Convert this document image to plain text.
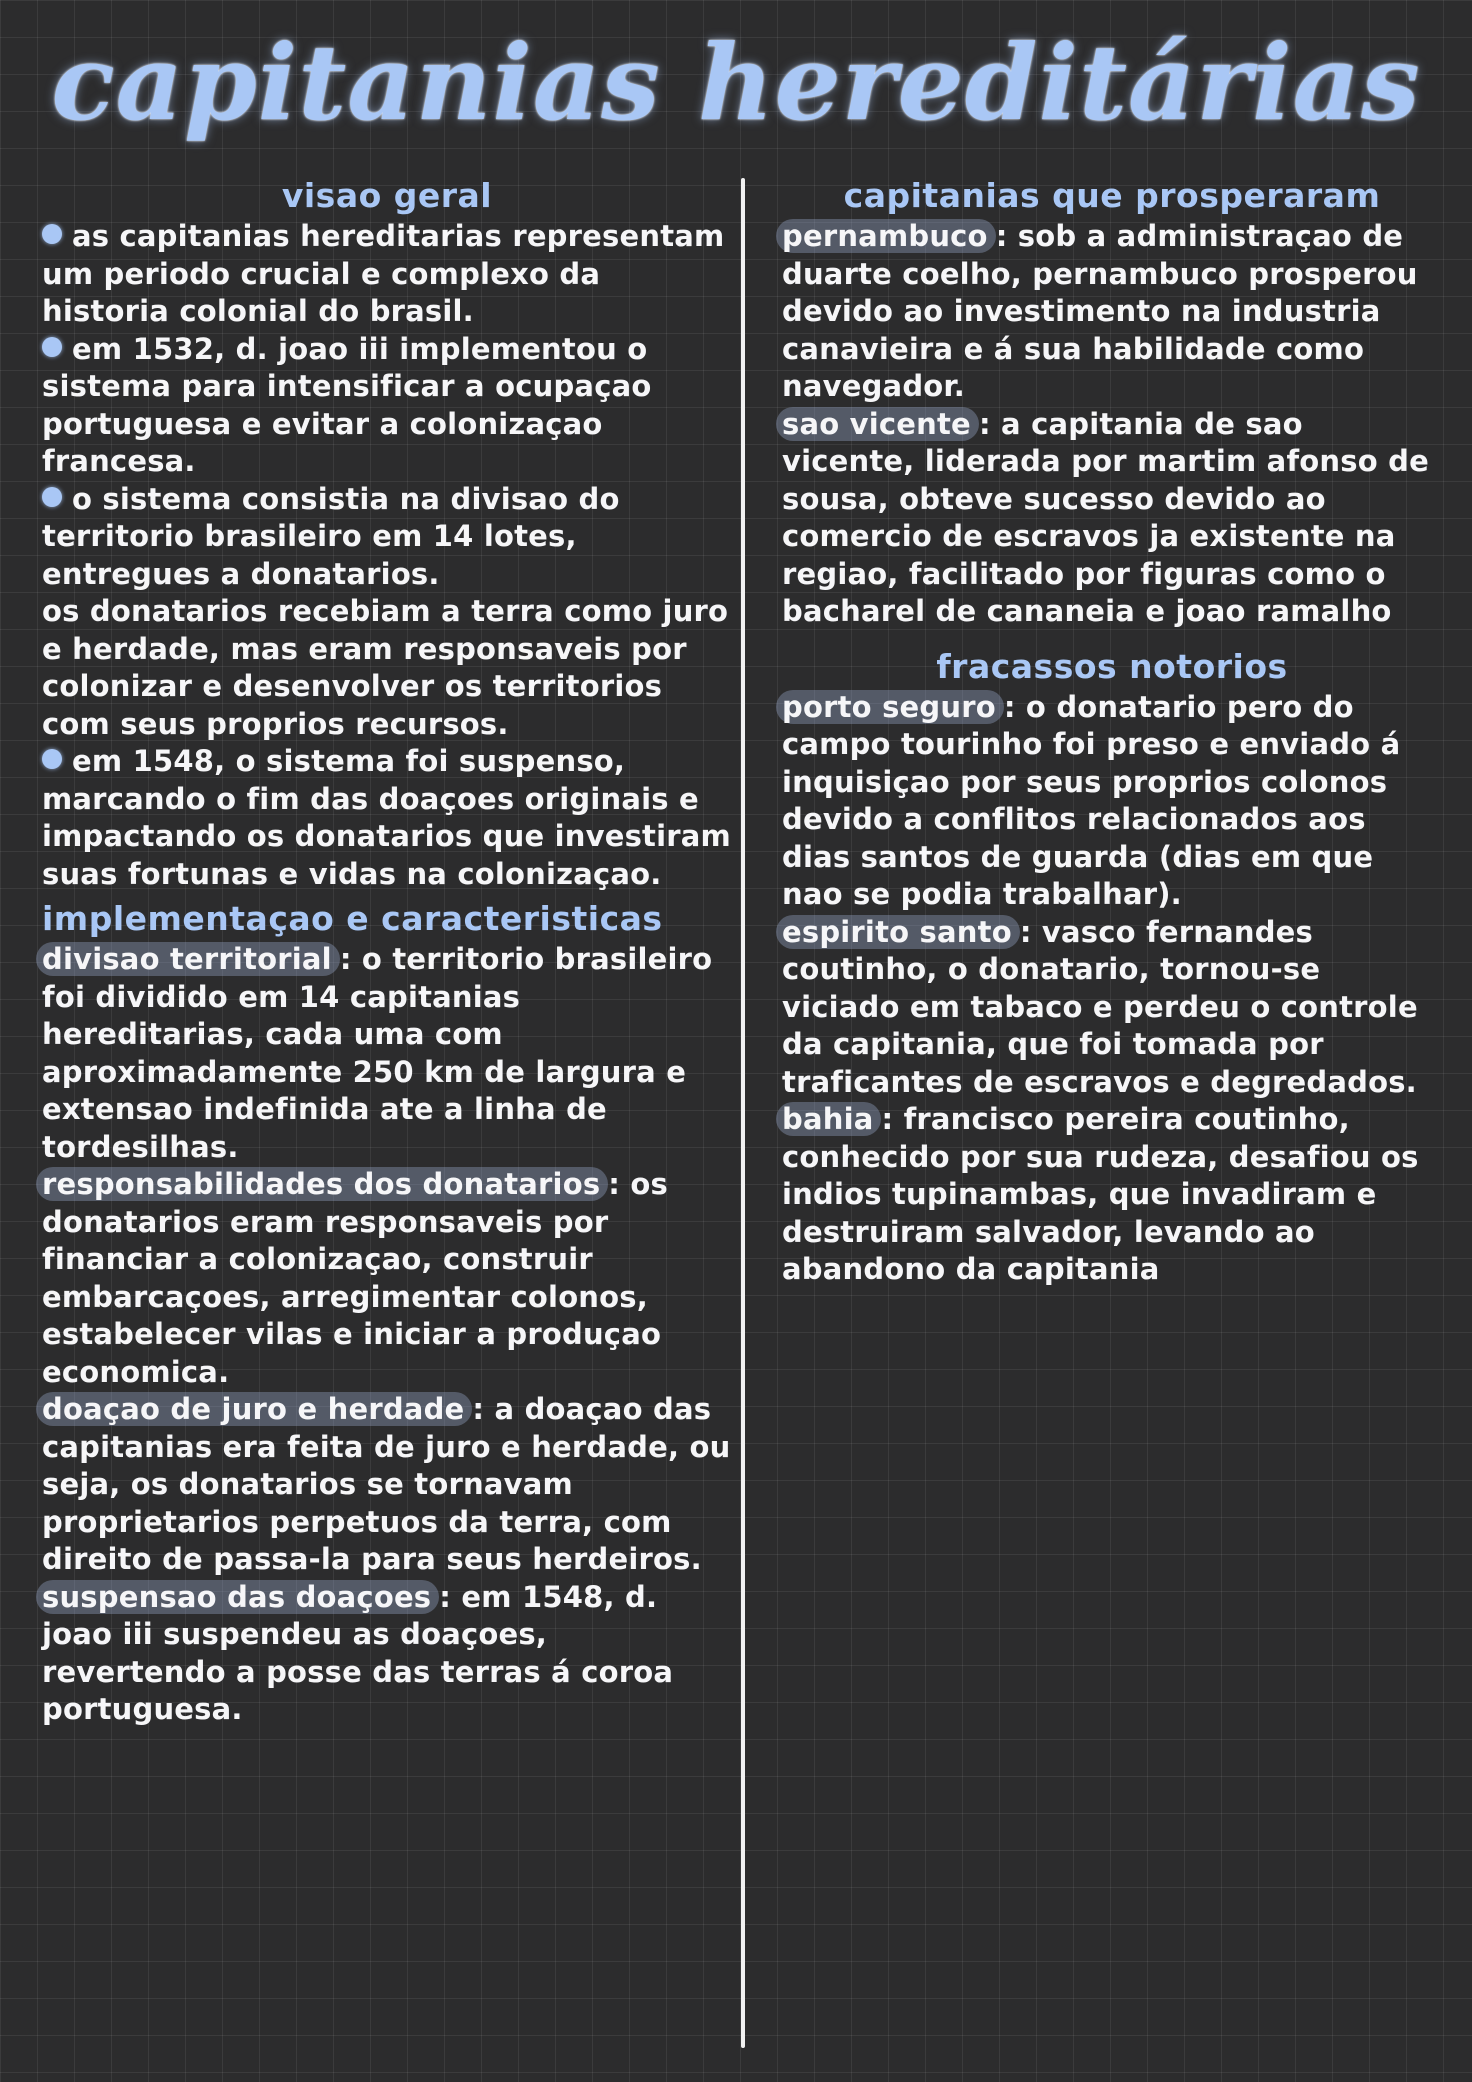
capitanias hereditárias
visao geral

as capitanias hereditarias representam um periodo crucial e complexo da historia colonial do brasil.

em 1532, d. joao iii implementou o sistema para intensificar a ocupaçao portuguesa e evitar a colonizaçao francesa.

o sistema consistia na divisao do territorio brasileiro em 14 lotes, entregues a donatarios.

os donatarios recebiam a terra como juro e herdade, mas eram responsaveis por colonizar e desenvolver os territorios com seus proprios recursos.

em 1548, o sistema foi suspenso, marcando o fim das doaçoes originais e impactando os donatarios que investiram suas fortunas e vidas na colonizaçao.

implementaçao e caracteristicas

divisao territorial : o territorio brasileiro foi dividido em 14 capitanias hereditarias, cada uma com aproximadamente 250 km de largura e extensao indefinida ate a linha de tordesilhas.

responsabilidades dos donatarios : os donatarios eram responsaveis por financiar a colonizaçao, construir embarcaçoes, arregimentar colonos, estabelecer vilas e iniciar a produçao economica.

doaçao de juro e herdade : a doaçao das capitanias era feita de juro e herdade, ou seja, os donatarios se tornavam proprietarios perpetuos da terra, com direito de passa-la para seus herdeiros.

suspensao das doaçoes : em 1548, d. joao iii suspendeu as doaçoes, revertendo a posse das terras á coroa portuguesa.

capitanias que prosperaram

pernambuco : sob a administraçao de duarte coelho, pernambuco prosperou devido ao investimento na industria canavieira e á sua habilidade como navegador.

sao vicente : a capitania de sao vicente, liderada por martim afonso de sousa, obteve sucesso devido ao comercio de escravos ja existente na regiao, facilitado por figuras como o bacharel de cananeia e joao ramalho

fracassos notorios

porto seguro : o donatario pero do campo tourinho foi preso e enviado á inquisiçao por seus proprios colonos devido a conflitos relacionados aos dias santos de guarda (dias em que nao se podia trabalhar).

espirito santo : vasco fernandes coutinho, o donatario, tornou-se viciado em tabaco e perdeu o controle da capitania, que foi tomada por traficantes de escravos e degredados.

bahia : francisco pereira coutinho, conhecido por sua rudeza, desafiou os indios tupinambas, que invadiram e destruiram salvador, levando ao abandono da capitania
